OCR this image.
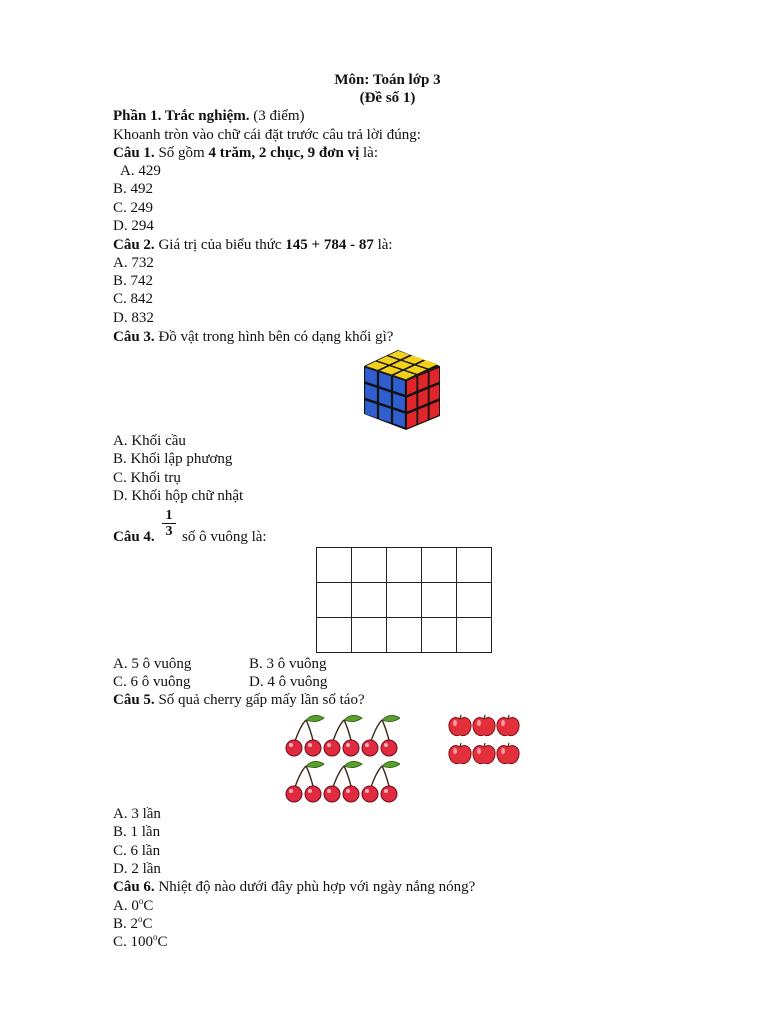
Môn: Toán lớp 3
(Đề số 1)
Phần 1. Trắc nghiệm. (3 điểm)
Khoanh tròn vào chữ cái đặt trước câu trả lời đúng:
Câu 1. Số gồm 4 trăm, 2 chục, 9 đơn vị là:
A. 429
B. 492
C. 249
D. 294
Câu 2. Giá trị của biểu thức 145 + 784 - 87 là:
A. 732
B. 742
C. 842
D. 832
Câu 3. Đồ vật trong hình bên có dạng khối gì?
A. Khối cầu
B. Khối lập phương
C. Khối trụ
D. Khối hộp chữ nhật
1
3
Câu 4. số ô vuông là:

A. 5 ô vuông	B. 3 ô vuông
C. 6 ô vuông	D. 4 ô vuông
Câu 5. Số quả cherry gấp mấy lần số táo?
A. 3 lần
B. 1 lần
C. 6 lần
D. 2 lần
Câu 6. Nhiệt độ nào dưới đây phù hợp với ngày nắng nóng?
A. 0$^o$C
B. 2$^o$C
C. 100$^o$C
